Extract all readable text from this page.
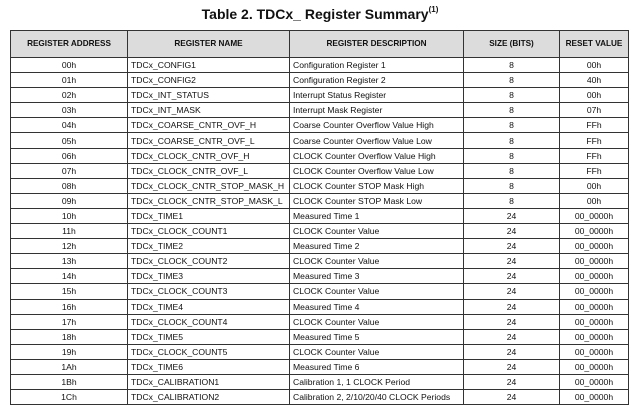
Table 2. TDCx_ Register Summary$^{(1)}$
REGISTER ADDRESS	REGISTER NAME	REGISTER DESCRIPTION	SIZE (BITS)	RESET VALUE
00h	TDCx_CONFIG1	Configuration Register 1	8	00h
01h	TDCx_CONFIG2	Configuration Register 2	8	40h
02h	TDCx_INT_STATUS	Interrupt Status Register	8	00h
03h	TDCx_INT_MASK	Interrupt Mask Register	8	07h
04h	TDCx_COARSE_CNTR_OVF_H	Coarse Counter Overflow Value High	8	FFh
05h	TDCx_COARSE_CNTR_OVF_L	Coarse Counter Overflow Value Low	8	FFh
06h	TDCx_CLOCK_CNTR_OVF_H	CLOCK Counter Overflow Value High	8	FFh
07h	TDCx_CLOCK_CNTR_OVF_L	CLOCK Counter Overflow Value Low	8	FFh
08h	TDCx_CLOCK_CNTR_STOP_MASK_H	CLOCK Counter STOP Mask High	8	00h
09h	TDCx_CLOCK_CNTR_STOP_MASK_L	CLOCK Counter STOP Mask Low	8	00h
10h	TDCx_TIME1	Measured Time 1	24	00_0000h
11h	TDCx_CLOCK_COUNT1	CLOCK Counter Value	24	00_0000h
12h	TDCx_TIME2	Measured Time 2	24	00_0000h
13h	TDCx_CLOCK_COUNT2	CLOCK Counter Value	24	00_0000h
14h	TDCx_TIME3	Measured Time 3	24	00_0000h
15h	TDCx_CLOCK_COUNT3	CLOCK Counter Value	24	00_0000h
16h	TDCx_TIME4	Measured Time 4	24	00_0000h
17h	TDCx_CLOCK_COUNT4	CLOCK Counter Value	24	00_0000h
18h	TDCx_TIME5	Measured Time 5	24	00_0000h
19h	TDCx_CLOCK_COUNT5	CLOCK Counter Value	24	00_0000h
1Ah	TDCx_TIME6	Measured Time 6	24	00_0000h
1Bh	TDCx_CALIBRATION1	Calibration 1, 1 CLOCK Period	24	00_0000h
1Ch	TDCx_CALIBRATION2	Calibration 2, 2/10/20/40 CLOCK Periods	24	00_0000h
